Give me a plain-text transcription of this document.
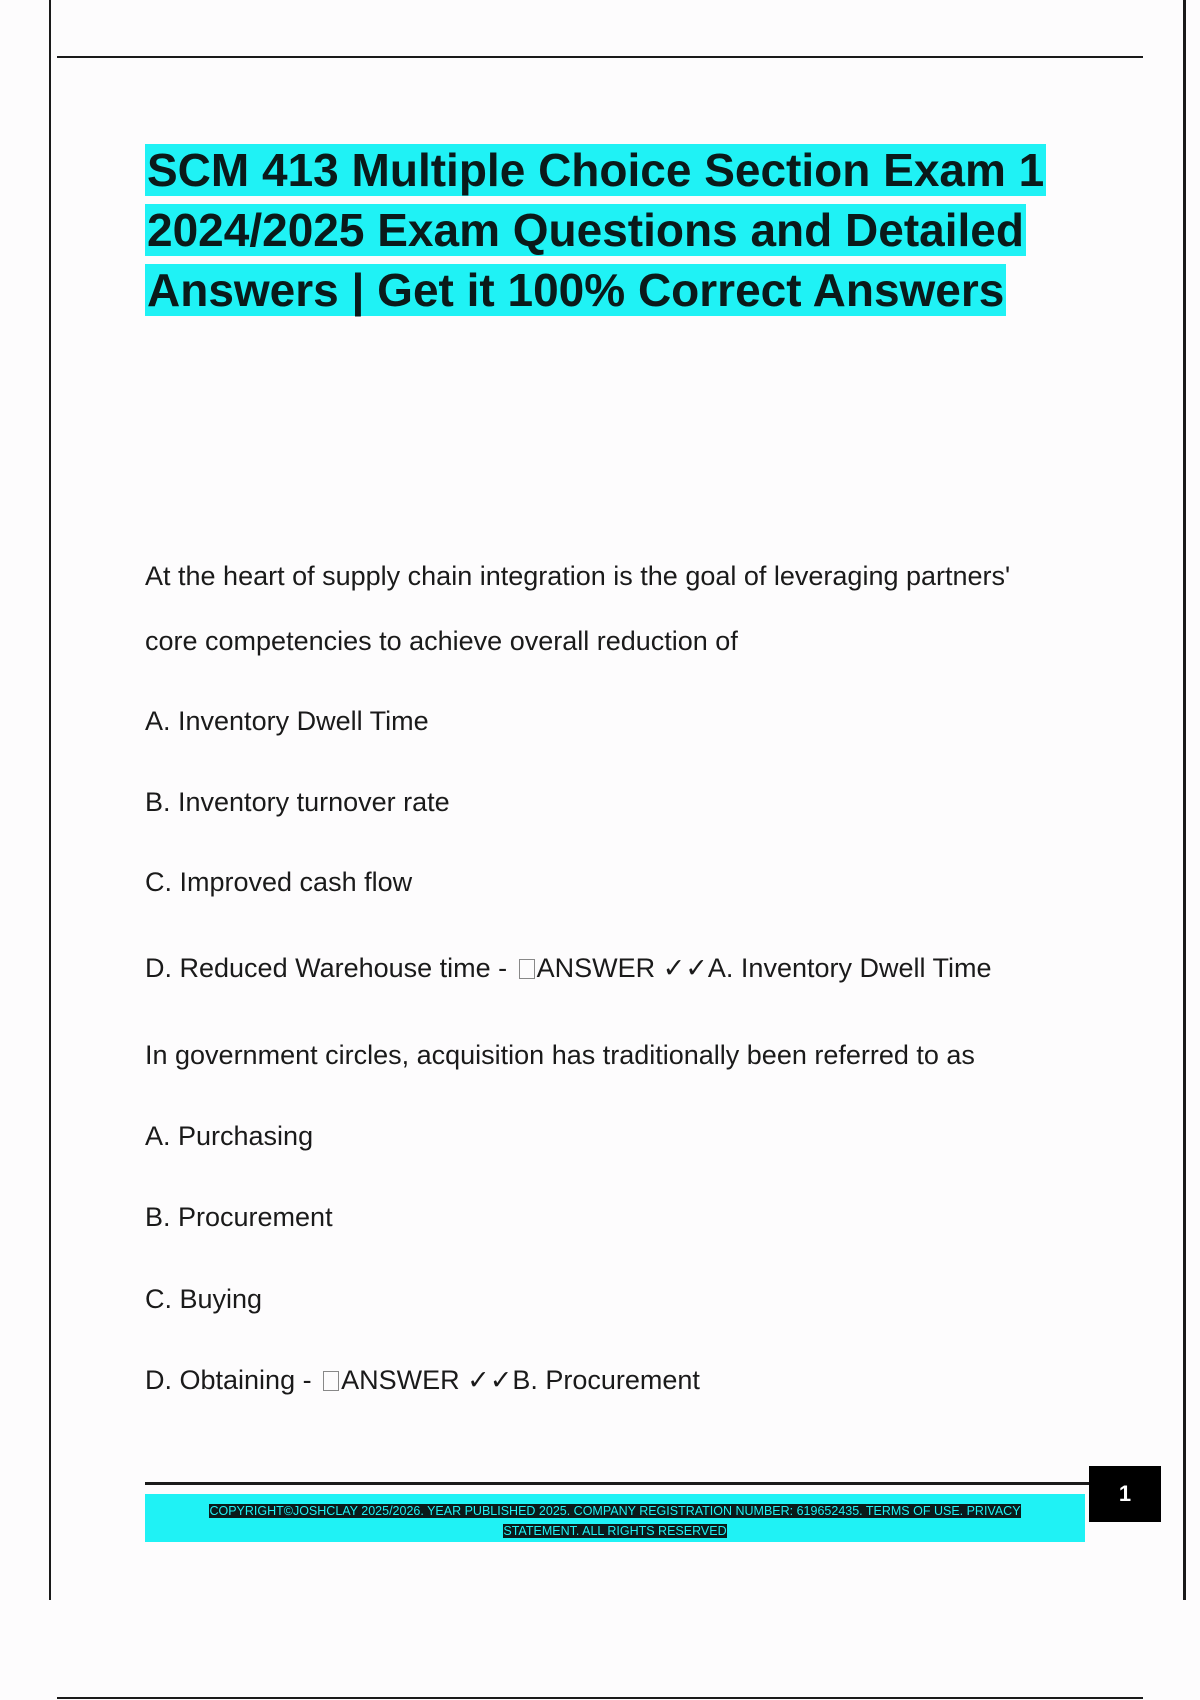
SCM 413 Multiple Choice Section Exam 1 2024/2025 Exam Questions and Detailed Answers | Get it 100% Correct Answers
At the heart of supply chain integration is the goal of leveraging partners'
core competencies to achieve overall reduction of
A. Inventory Dwell Time
B. Inventory turnover rate
C. Improved cash flow
D. Reduced Warehouse time - ANSWER ✓✓A. Inventory Dwell Time
In government circles, acquisition has traditionally been referred to as
A. Purchasing
B. Procurement
C. Buying
D. Obtaining - ANSWER ✓✓B. Procurement
COPYRIGHT©JOSHCLAY 2025/2026. YEAR PUBLISHED 2025. COMPANY REGISTRATION NUMBER: 619652435. TERMS OF USE. PRIVACY STATEMENT. ALL RIGHTS RESERVED
1
